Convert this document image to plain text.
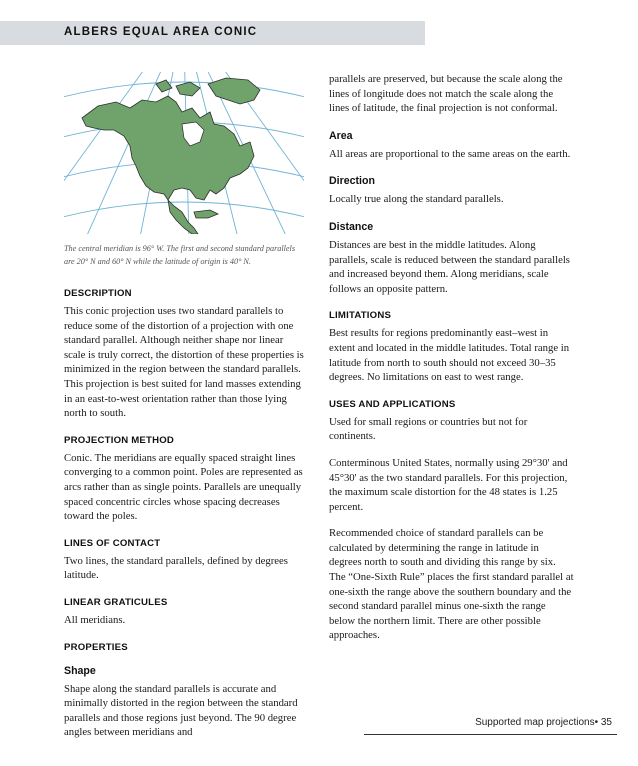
ALBERS EQUAL AREA CONIC
The central meridian is 96° W. The first and second standard parallels are 20° N and 60° N while the latitude of origin is 40° N.
DESCRIPTION

This conic projection uses two standard parallels to reduce some of the distortion of a projection with one standard parallel. Although neither shape nor linear scale is truly correct, the distortion of these properties is minimized in the region between the standard parallels. This projection is best suited for land masses extending in an east-to-west orientation rather than those lying north to south.

PROJECTION METHOD

Conic. The meridians are equally spaced straight lines converging to a common point. Poles are represented as arcs rather than as single points. Parallels are unequally spaced concentric circles whose spacing decreases toward the poles.

LINES OF CONTACT

Two lines, the standard parallels, defined by degrees latitude.

LINEAR GRATICULES

All meridians.

PROPERTIES
Shape

Shape along the standard parallels is accurate and minimally distorted in the region between the standard parallels and those regions just beyond. The 90 degree angles between meridians and

parallels are preserved, but because the scale along the lines of longitude does not match the scale along the lines of latitude, the final projection is not conformal.

Area

All areas are proportional to the same areas on the earth.

Direction

Locally true along the standard parallels.

Distance

Distances are best in the middle latitudes. Along parallels, scale is reduced between the standard parallels and increased beyond them. Along meridians, scale follows an opposite pattern.

LIMITATIONS

Best results for regions predominantly east–west in extent and located in the middle latitudes. Total range in latitude from north to south should not exceed 30–35 degrees. No limitations on east to west range.

USES AND APPLICATIONS

Used for small regions or countries but not for continents.

Conterminous United States, normally using 29°30' and 45°30' as the two standard parallels. For this projection, the maximum scale distortion for the 48 states is 1.25 percent.

Recommended choice of standard parallels can be calculated by determining the range in latitude in degrees north to south and dividing this range by six. The “One-Sixth Rule” places the first standard parallel at one-sixth the range above the southern boundary and the second standard parallel minus one-sixth the range below the northern limit. There are other possible approaches.

Supported map projections• 35
